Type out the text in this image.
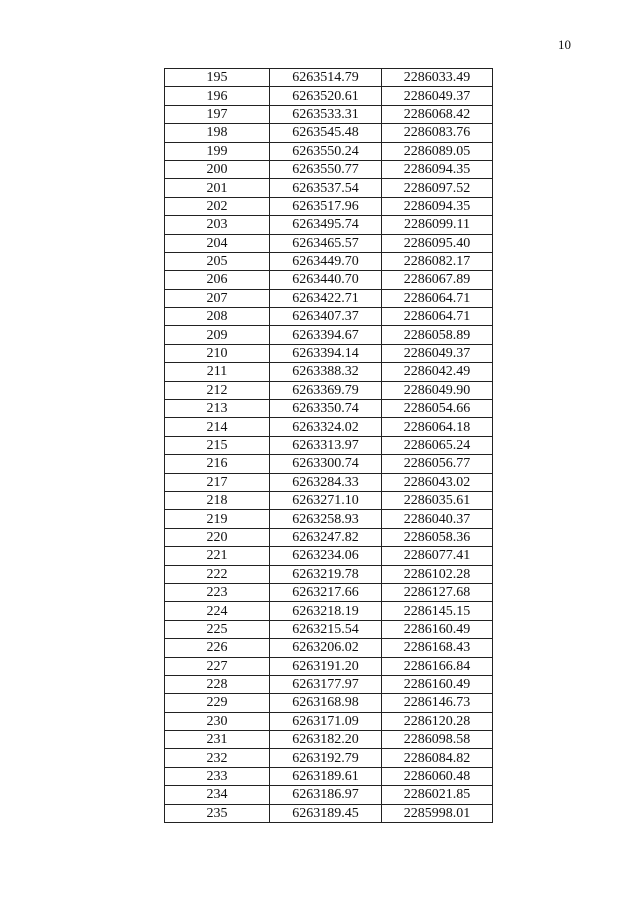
10
195	6263514.79	2286033.49
196	6263520.61	2286049.37
197	6263533.31	2286068.42
198	6263545.48	2286083.76
199	6263550.24	2286089.05
200	6263550.77	2286094.35
201	6263537.54	2286097.52
202	6263517.96	2286094.35
203	6263495.74	2286099.11
204	6263465.57	2286095.40
205	6263449.70	2286082.17
206	6263440.70	2286067.89
207	6263422.71	2286064.71
208	6263407.37	2286064.71
209	6263394.67	2286058.89
210	6263394.14	2286049.37
211	6263388.32	2286042.49
212	6263369.79	2286049.90
213	6263350.74	2286054.66
214	6263324.02	2286064.18
215	6263313.97	2286065.24
216	6263300.74	2286056.77
217	6263284.33	2286043.02
218	6263271.10	2286035.61
219	6263258.93	2286040.37
220	6263247.82	2286058.36
221	6263234.06	2286077.41
222	6263219.78	2286102.28
223	6263217.66	2286127.68
224	6263218.19	2286145.15
225	6263215.54	2286160.49
226	6263206.02	2286168.43
227	6263191.20	2286166.84
228	6263177.97	2286160.49
229	6263168.98	2286146.73
230	6263171.09	2286120.28
231	6263182.20	2286098.58
232	6263192.79	2286084.82
233	6263189.61	2286060.48
234	6263186.97	2286021.85
235	6263189.45	2285998.01
